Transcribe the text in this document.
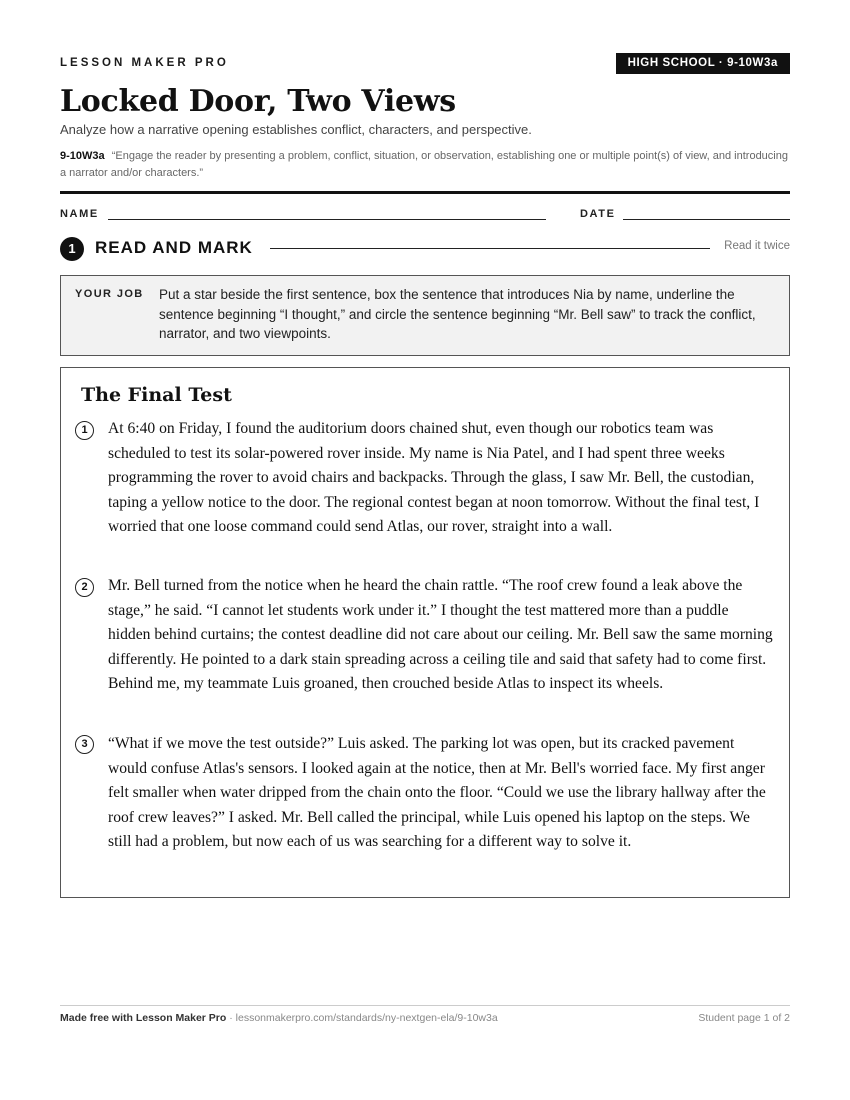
LESSON MAKER PRO	HIGH SCHOOL · 9-10W3a
Locked Door, Two Views
Analyze how a narrative opening establishes conflict, characters, and perspective.
9-10W3a “Engage the reader by presenting a problem, conflict, situation, or observation, establishing one or multiple point(s) of view, and introducing a narrator and/or characters.”
NAME	DATE
1	READ AND MARK	Read it twice
YOUR JOB Put a star beside the first sentence, box the sentence that introduces Nia by name, underline the sentence beginning “I thought,” and circle the sentence beginning “Mr. Bell saw” to track the conflict, narrator, and two viewpoints.
The Final Test
1	At 6:40 on Friday, I found the auditorium doors chained shut, even though our robotics team was scheduled to test its solar-powered rover inside. My name is Nia Patel, and I had spent three weeks programming the rover to avoid chairs and backpacks. Through the glass, I saw Mr. Bell, the custodian, taping a yellow notice to the door. The regional contest began at noon tomorrow. Without the final test, I worried that one loose command could send Atlas, our rover, straight into a wall.
2	Mr. Bell turned from the notice when he heard the chain rattle. “The roof crew found a leak above the stage,” he said. “I cannot let students work under it.” I thought the test mattered more than a puddle hidden behind curtains; the contest deadline did not care about our ceiling. Mr. Bell saw the same morning differently. He pointed to a dark stain spreading across a ceiling tile and said that safety had to come first. Behind me, my teammate Luis groaned, then crouched beside Atlas to inspect its wheels.
3	“What if we move the test outside?” Luis asked. The parking lot was open, but its cracked pavement would confuse Atlas's sensors. I looked again at the notice, then at Mr. Bell's worried face. My first anger felt smaller when water dripped from the chain onto the floor. “Could we use the library hallway after the roof crew leaves?” I asked. Mr. Bell called the principal, while Luis opened his laptop on the steps. We still had a problem, but now each of us was searching for a different way to solve it.
Made free with Lesson Maker Pro · lessonmakerpro.com/standards/ny-nextgen-ela/9-10w3a	Student page 1 of 2
